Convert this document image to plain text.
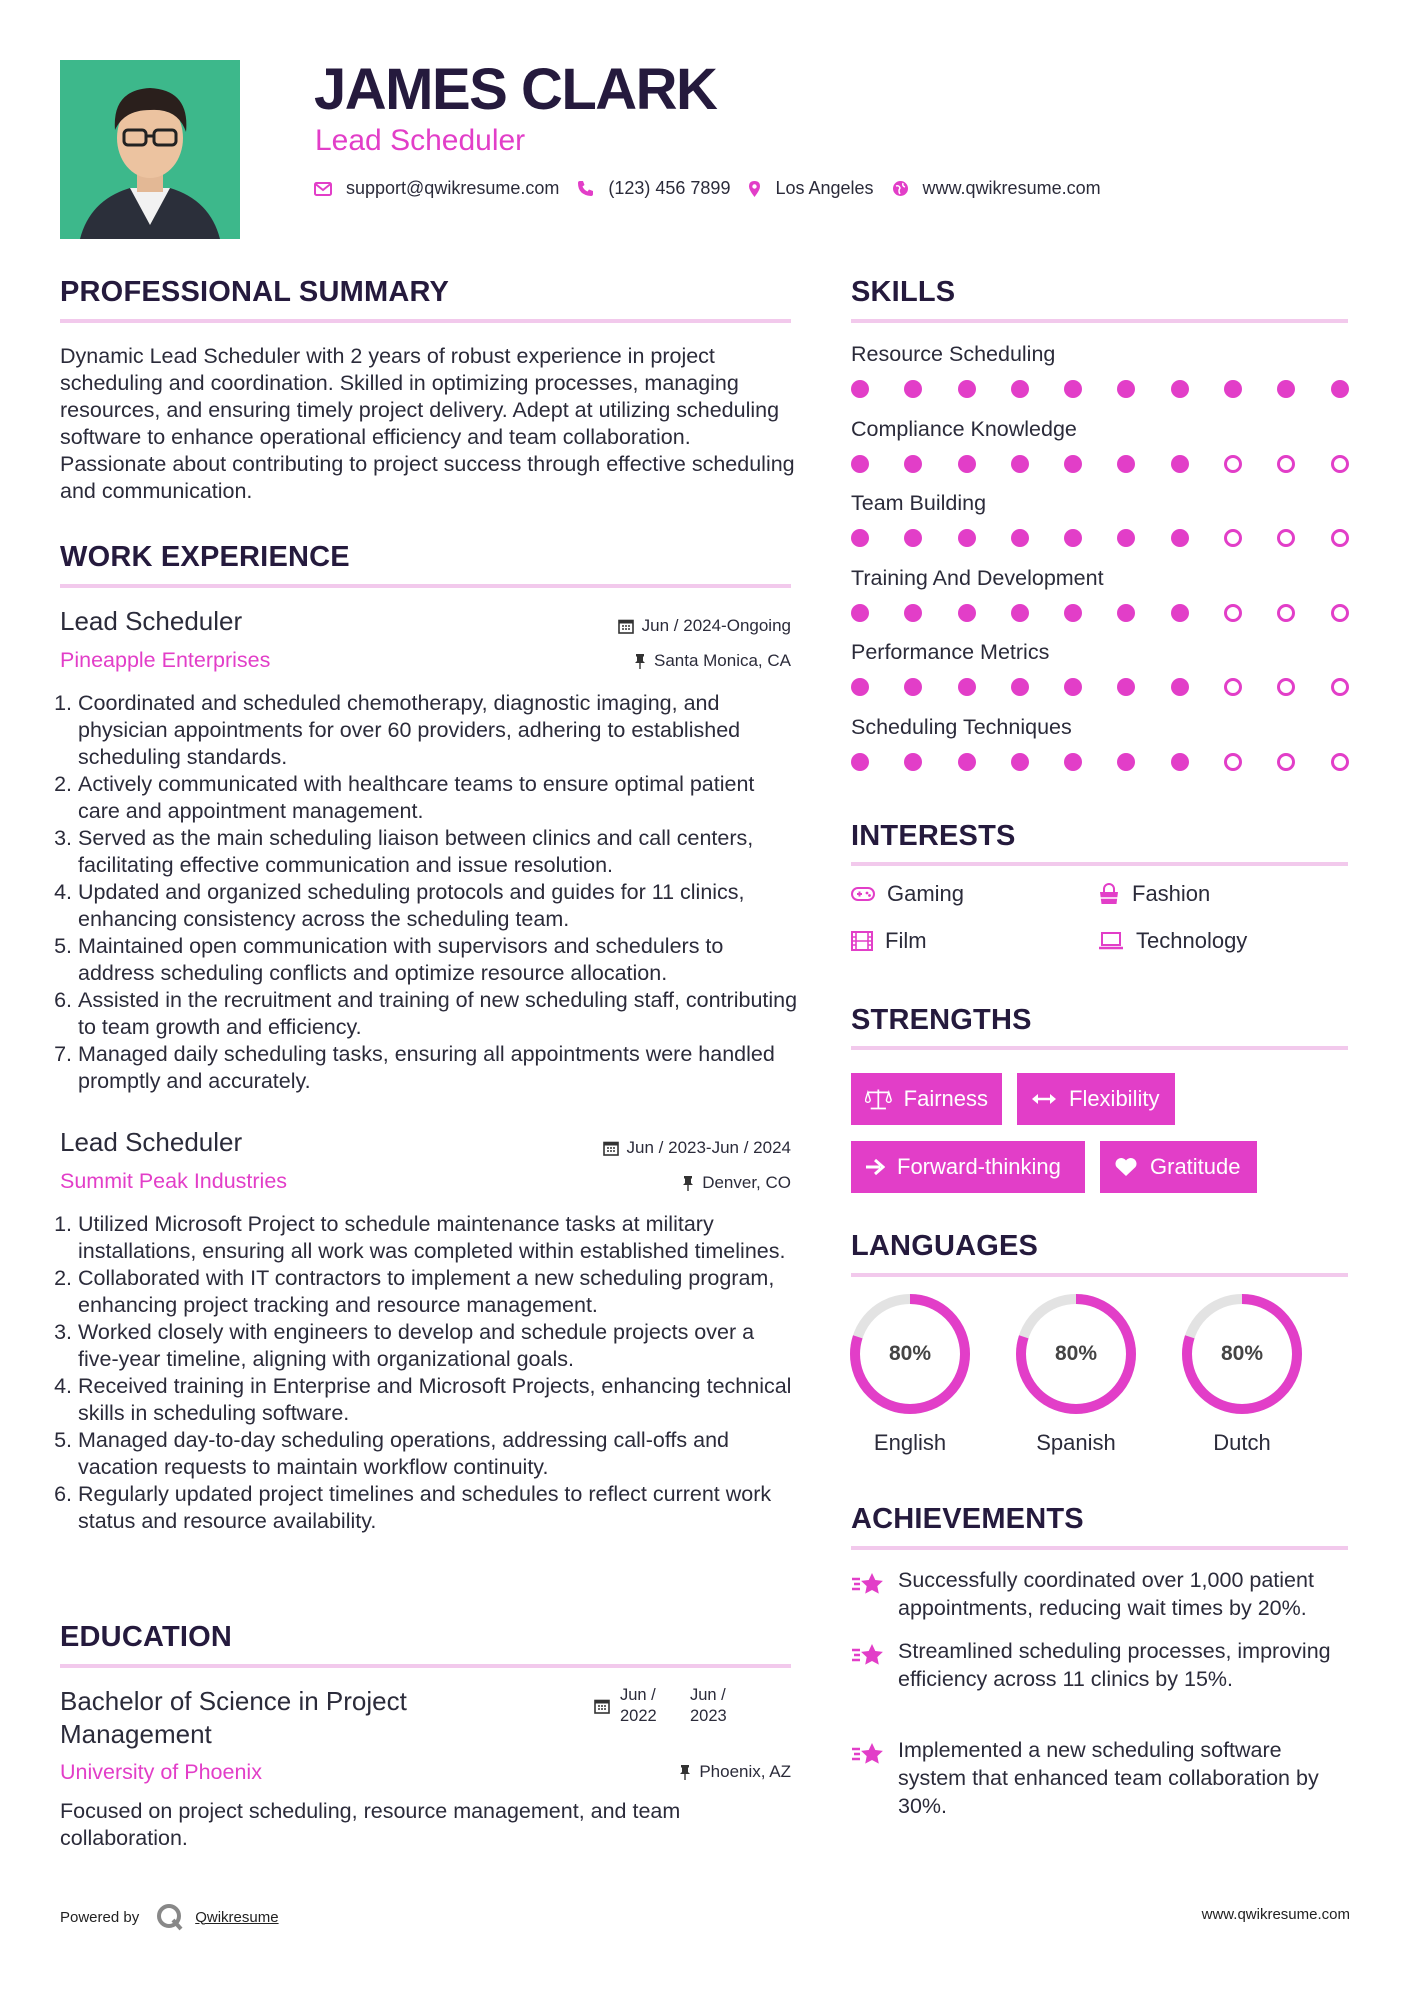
JAMES CLARK
Lead Scheduler
support@qwikresume.com	(123) 456 7899	Los Angeles	www.qwikresume.com
PROFESSIONAL SUMMARY
Dynamic Lead Scheduler with 2 years of robust experience in project scheduling and coordination. Skilled in optimizing processes, managing resources, and ensuring timely project delivery. Adept at utilizing scheduling software to enhance operational efficiency and team collaboration. Passionate about contributing to project success through effective scheduling and communication.
WORK EXPERIENCE
Lead Scheduler
Pineapple Enterprises
Jun / 2024-Ongoing
Santa Monica, CA
1. Coordinated and scheduled chemotherapy, diagnostic imaging, and physician appointments for over 60 providers, adhering to established scheduling standards.
2. Actively communicated with healthcare teams to ensure optimal patient care and appointment management.
3. Served as the main scheduling liaison between clinics and call centers, facilitating effective communication and issue resolution.
4. Updated and organized scheduling protocols and guides for 11 clinics, enhancing consistency across the scheduling team.
5. Maintained open communication with supervisors and schedulers to address scheduling conflicts and optimize resource allocation.
6. Assisted in the recruitment and training of new scheduling staff, contributing to team growth and efficiency.
7. Managed daily scheduling tasks, ensuring all appointments were handled promptly and accurately.
Lead Scheduler
Summit Peak Industries
Jun / 2023-Jun / 2024
Denver, CO
1. Utilized Microsoft Project to schedule maintenance tasks at military installations, ensuring all work was completed within established timelines.
2. Collaborated with IT contractors to implement a new scheduling program, enhancing project tracking and resource management.
3. Worked closely with engineers to develop and schedule projects over a five-year timeline, aligning with organizational goals.
4. Received training in Enterprise and Microsoft Projects, enhancing technical skills in scheduling software.
5. Managed day-to-day scheduling operations, addressing call-offs and vacation requests to maintain workflow continuity.
6. Regularly updated project timelines and schedules to reflect current work status and resource availability.
EDUCATION
Bachelor of Science in Project Management
Jun / 2022
Jun / 2023
University of Phoenix	Phoenix, AZ
Focused on project scheduling, resource management, and team collaboration.
SKILLS
Resource Scheduling
Compliance Knowledge
Team Building
Training And Development
Performance Metrics
Scheduling Techniques
INTERESTS
Gaming	Fashion
Film	Technology
STRENGTHS
Fairness	Flexibility
Forward-thinking	Gratitude
LANGUAGES
80%
English
80%
Spanish
80%
Dutch
ACHIEVEMENTS
Successfully coordinated over 1,000 patient appointments, reducing wait times by 20%.
Streamlined scheduling processes, improving efficiency across 11 clinics by 15%.
Implemented a new scheduling software system that enhanced team collaboration by 30%.
Powered by	Qwikresume	www.qwikresume.com
